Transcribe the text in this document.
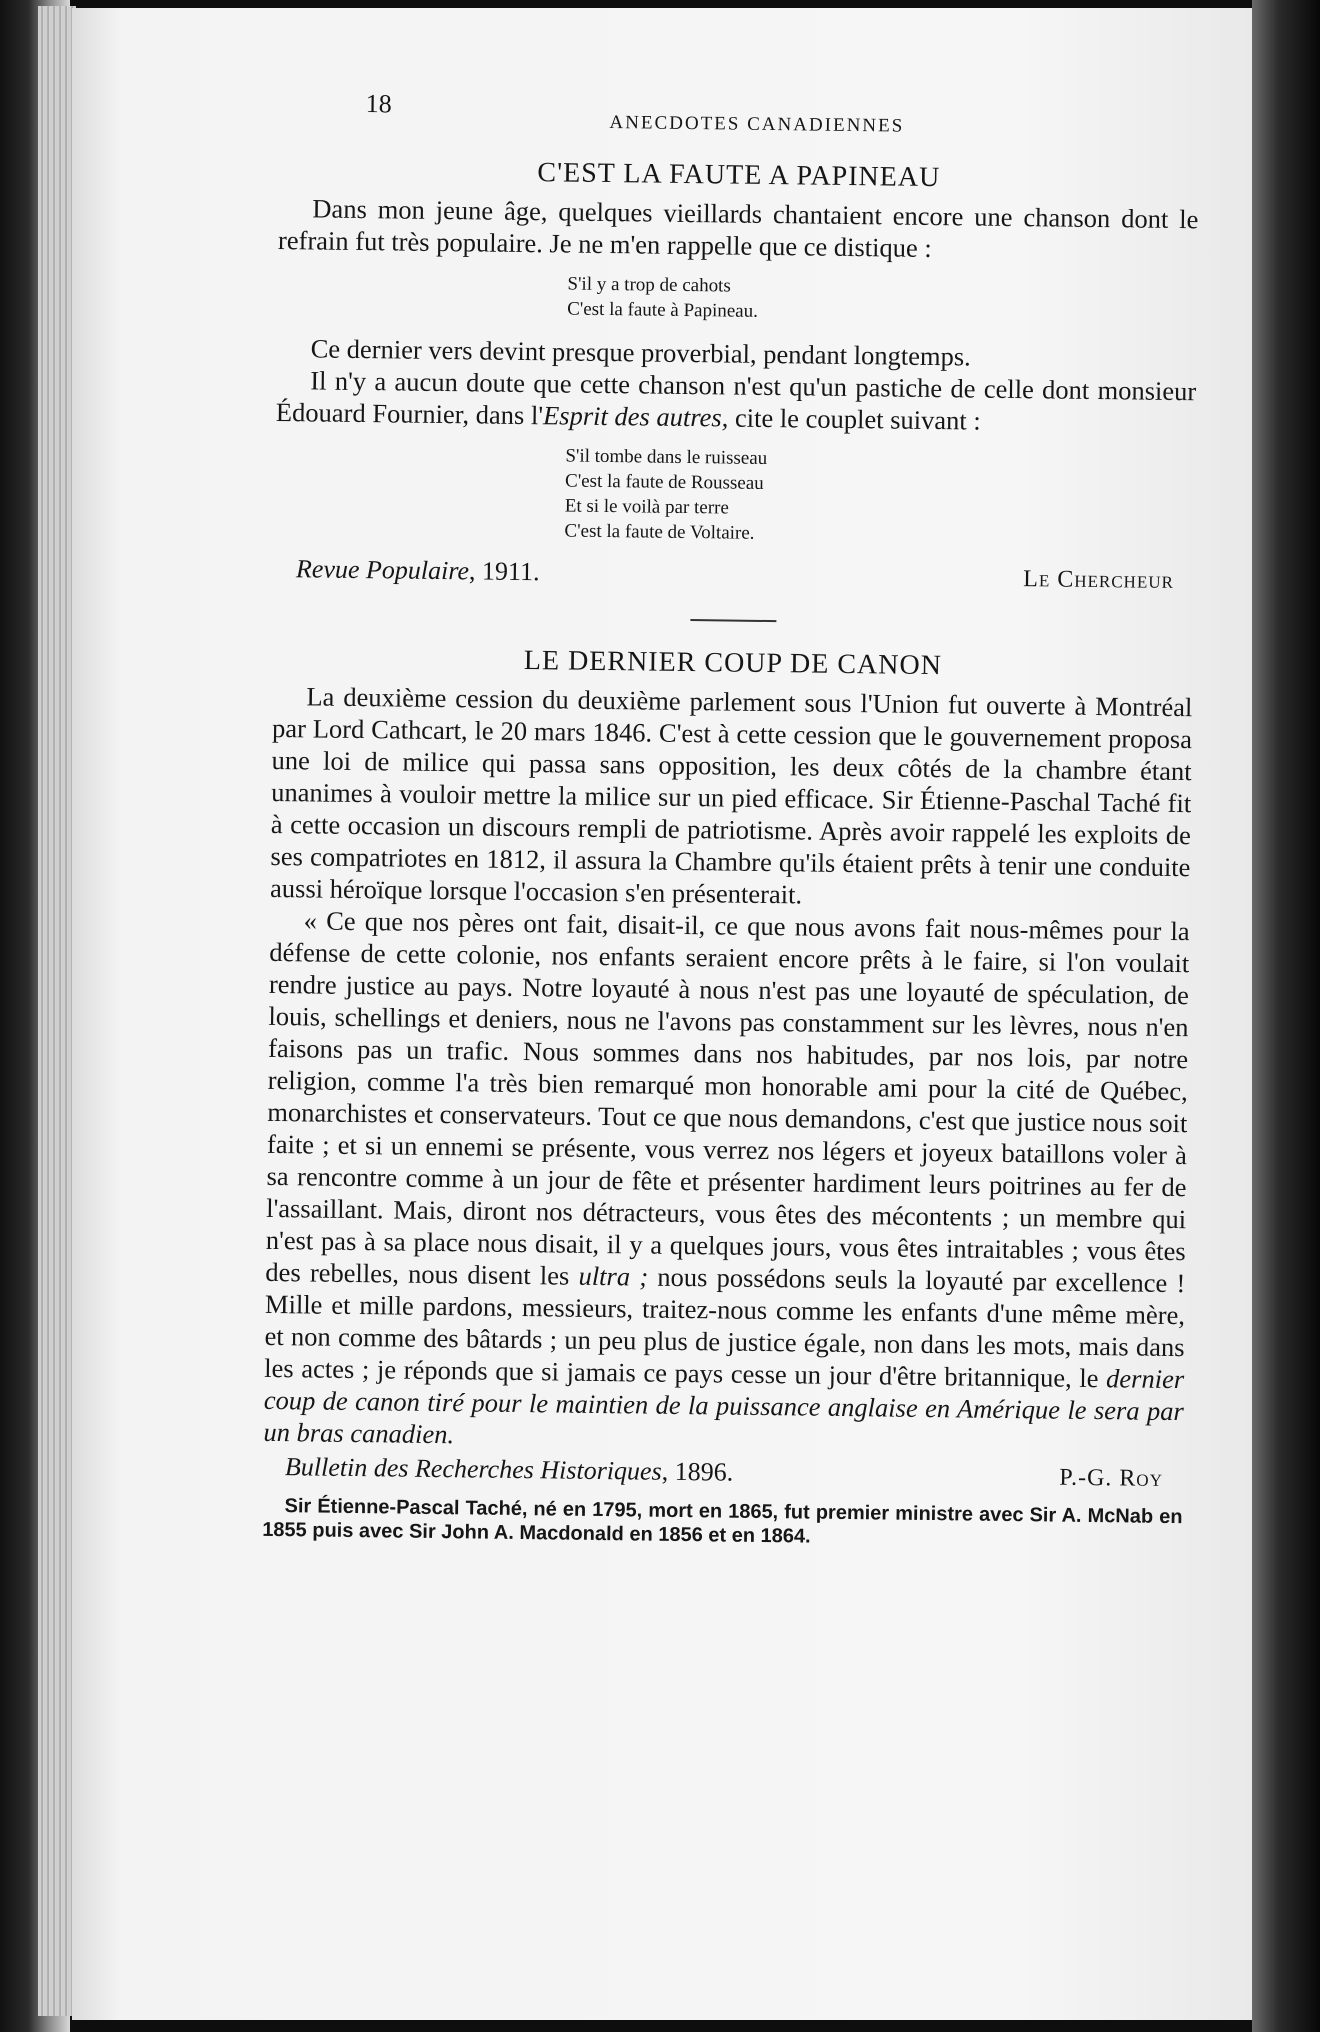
18
ANECDOTES CANADIENNES
C'EST LA FAUTE A PAPINEAU

Dans mon jeune âge, quelques vieillards chantaient encore une chanson dont le refrain fut très populaire. Je ne m'en rappelle que ce distique :

S'il y a trop de cahots
C'est la faute à Papineau.

Ce dernier vers devint presque proverbial, pendant longtemps.

Il n'y a aucun doute que cette chanson n'est qu'un pastiche de celle dont monsieur Édouard Fournier, dans l'Esprit des autres, cite le couplet suivant :

S'il tombe dans le ruisseau
C'est la faute de Rousseau
Et si le voilà par terre
C'est la faute de Voltaire.
Revue Populaire, 1911.	Le Chercheur
LE DERNIER COUP DE CANON

La deuxième cession du deuxième parlement sous l'Union fut ouverte à Montréal par Lord Cathcart, le 20 mars 1846. C'est à cette cession que le gouvernement proposa une loi de milice qui passa sans opposition, les deux côtés de la chambre étant unanimes à vouloir mettre la milice sur un pied efficace. Sir Étienne-Paschal Taché fit à cette occasion un discours rempli de patriotisme. Après avoir rappelé les exploits de ses compatriotes en 1812, il assura la Chambre qu'ils étaient prêts à tenir une conduite aussi héroïque lorsque l'occasion s'en présenterait.

« Ce que nos pères ont fait, disait-il, ce que nous avons fait nous-mêmes pour la défense de cette colonie, nos enfants seraient encore prêts à le faire, si l'on voulait rendre justice au pays. Notre loyauté à nous n'est pas une loyauté de spéculation, de louis, schellings et deniers, nous ne l'avons pas constamment sur les lèvres, nous n'en faisons pas un trafic. Nous sommes dans nos habitudes, par nos lois, par notre religion, comme l'a très bien remarqué mon honorable ami pour la cité de Québec, monarchistes et conservateurs. Tout ce que nous demandons, c'est que justice nous soit faite ; et si un ennemi se présente, vous verrez nos légers et joyeux bataillons voler à sa rencontre comme à un jour de fête et présenter hardiment leurs poitrines au fer de l'assaillant. Mais, diront nos détracteurs, vous êtes des mécontents ; un membre qui n'est pas à sa place nous disait, il y a quelques jours, vous êtes intraitables ; vous êtes des rebelles, nous disent les ultra ; nous possédons seuls la loyauté par excellence ! Mille et mille pardons, messieurs, traitez-nous comme les enfants d'une même mère, et non comme des bâtards ; un peu plus de justice égale, non dans les mots, mais dans les actes ; je réponds que si jamais ce pays cesse un jour d'être britannique, le dernier coup de canon tiré pour le maintien de la puissance anglaise en Amérique le sera par un bras canadien.

Bulletin des Recherches Historiques, 1896.	P.-G. Roy
Sir Étienne-Pascal Taché, né en 1795, mort en 1865, fut premier ministre avec Sir A. McNab en 1855 puis avec Sir John A. Macdonald en 1856 et en 1864.
